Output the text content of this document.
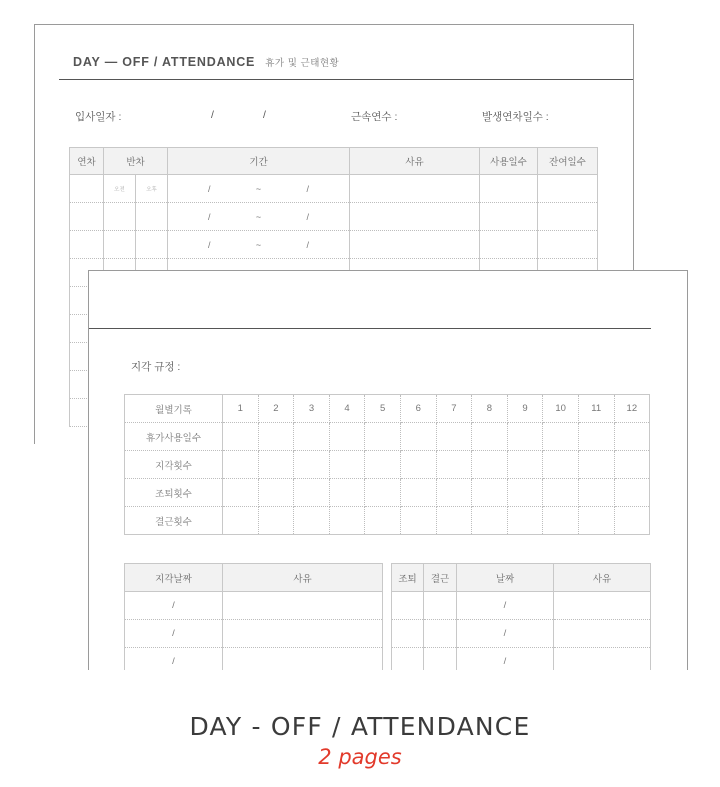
DAY — OFF / ATTENDANCE 휴가 및 근태현황
입사일자 :	/	/	근속연수 :	발생연차일수 :
연차	반차		기간	사유	사용일수	잔여일수
	오전	오후	/ ~ /			

			/ ~ /			

			/ ~ /			

지각 규정 :
월별기록	1	2	3	4	5	6	7	8	9	10	11	12
휴가사용일수												
지각횟수												
조퇴횟수												
결근횟수												
지각날짜	사유
/	
/	
/	
조퇴	결근	날짜	사유
		/	
		/	
		/	
DAY - OFF / ATTENDANCE
2 pages
